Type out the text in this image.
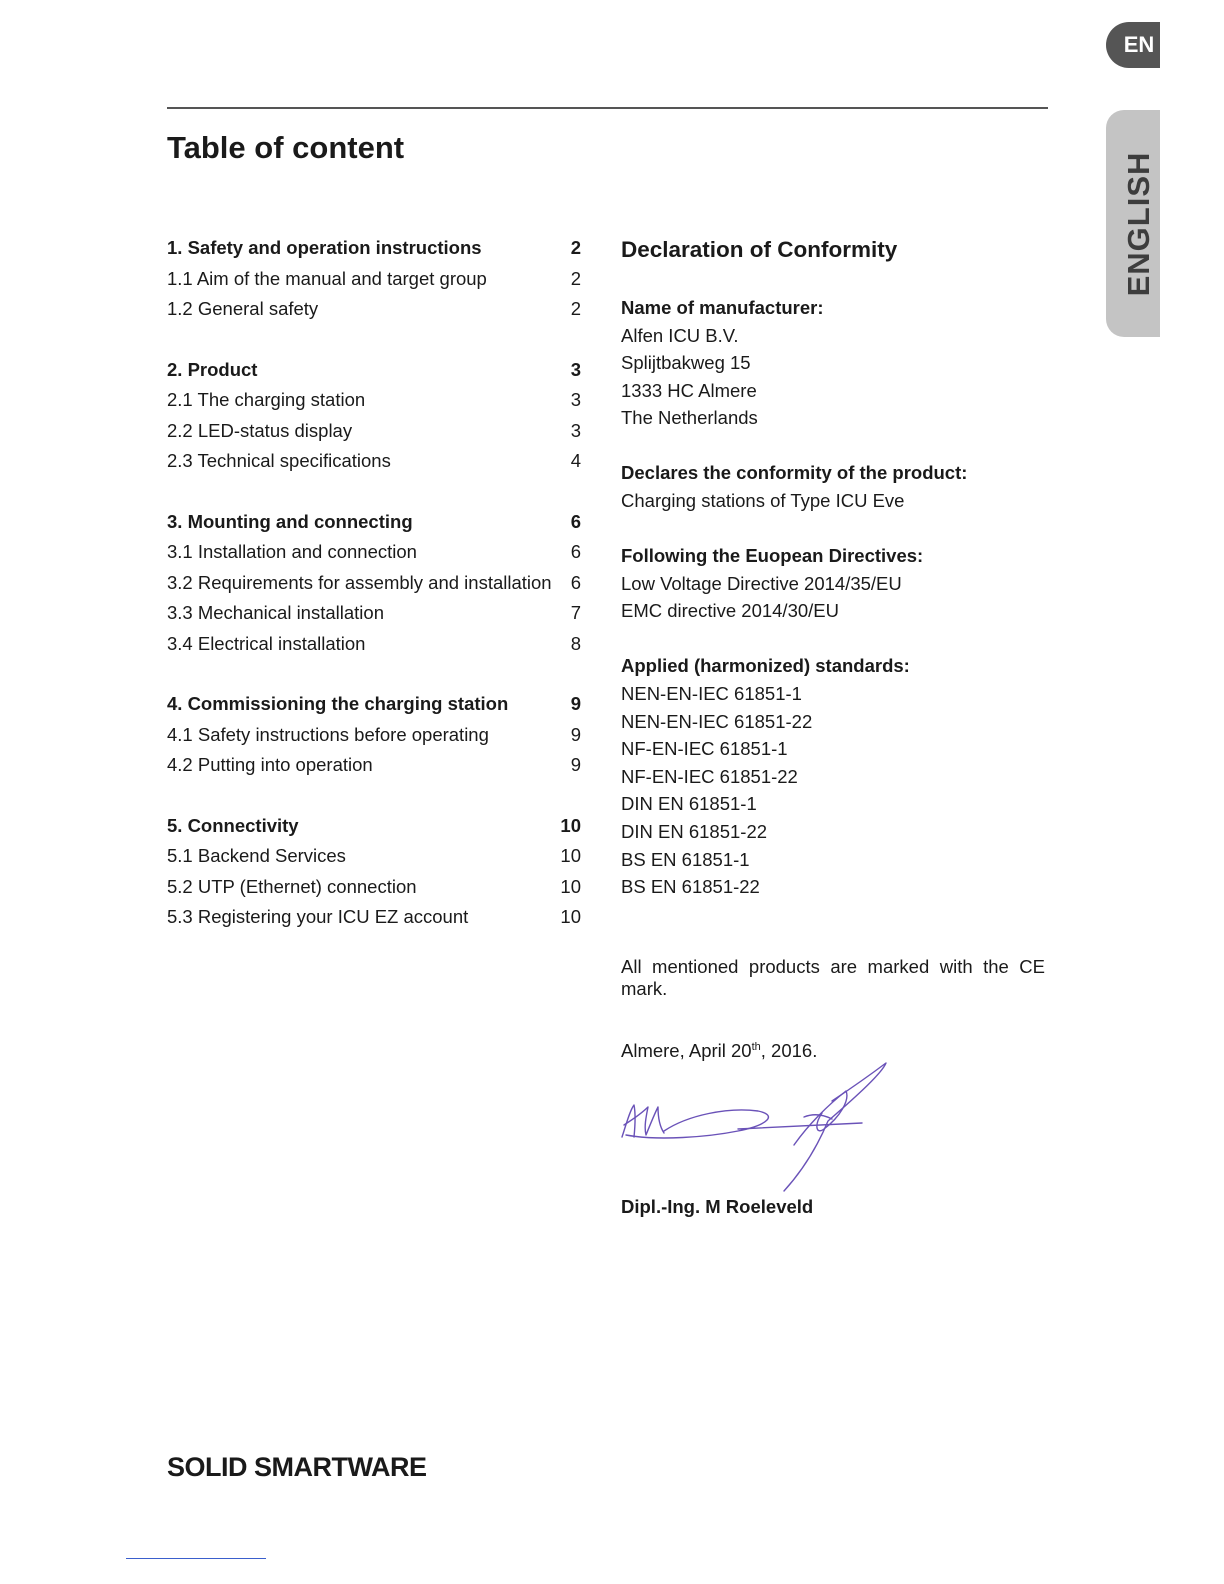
EN
ENGLISH
Table of content
1. Safety and operation instructions	2
1.1 Aim of the manual and target group	2
1.2 General safety	2
2. Product	3
2.1 The charging station	3
2.2 LED-status display	3
2.3 Technical specifications	4
3. Mounting and connecting	6
3.1 Installation and connection	6
3.2 Requirements for assembly and installation 6
3.3 Mechanical installation	7
3.4 Electrical installation	8
4. Commissioning the charging station	9
4.1 Safety instructions before operating	9
4.2 Putting into operation	9
5. Connectivity	10
5.1 Backend Services	10
5.2 UTP (Ethernet) connection	10
5.3 Registering your ICU EZ account	10
Declaration of Conformity
Name of manufacturer:
Alfen ICU B.V.
Splijtbakweg 15
1333 HC Almere
The Netherlands
Declares the conformity of the product:
Charging stations of Type ICU Eve
Following the Euopean Directives:
Low Voltage Directive 2014/35/EU
EMC directive 2014/30/EU
Applied (harmonized) standards:
NEN-EN-IEC 61851-1
NEN-EN-IEC 61851-22
NF-EN-IEC 61851-1
NF-EN-IEC 61851-22
DIN EN 61851-1
DIN EN 61851-22
BS EN 61851-1
BS EN 61851-22
All mentioned products are marked with the CE mark.
Almere, April 20th, 2016.
Dipl.-Ing. M Roeleveld
SOLID SMARTWARE
